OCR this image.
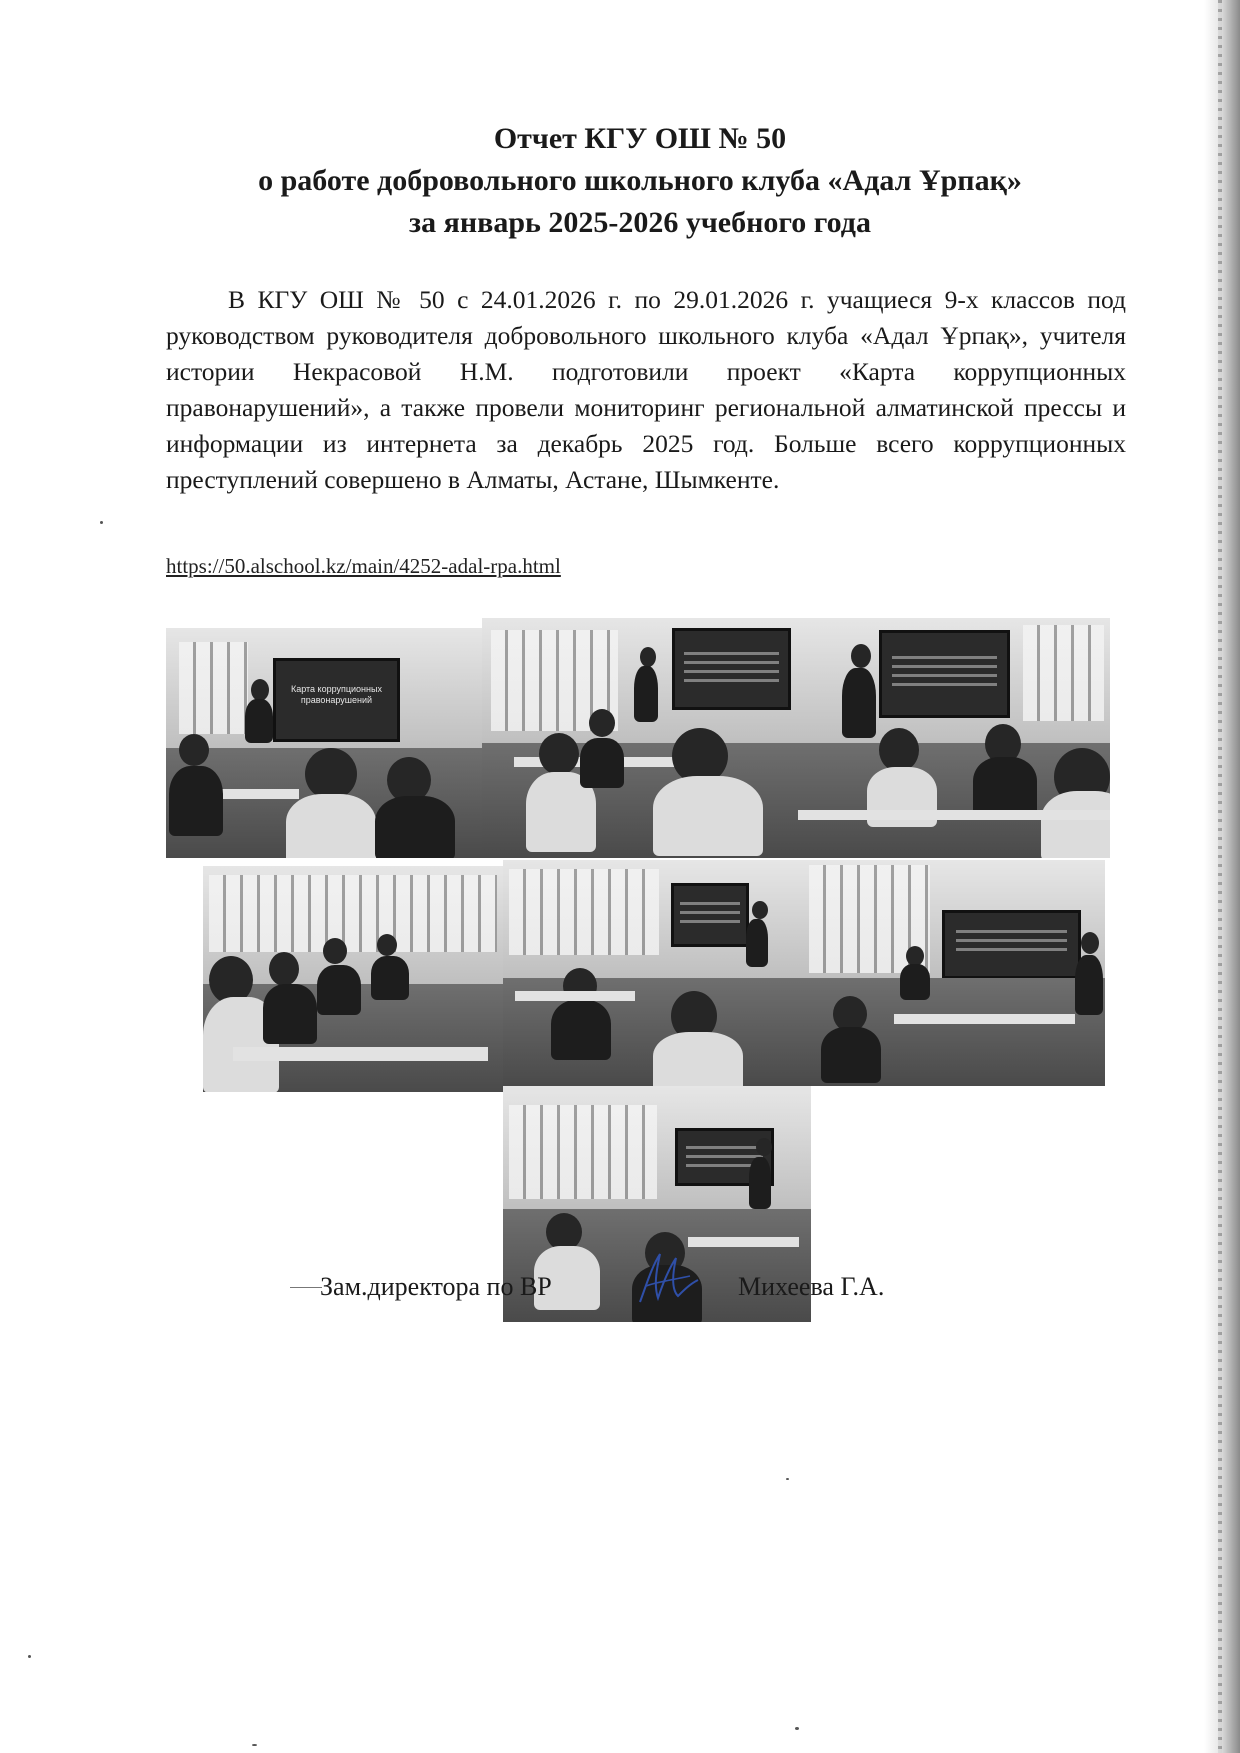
Отчет КГУ ОШ № 50
о работе добровольного школьного клуба «Адал Ұрпақ»
за январь 2025-2026 учебного года

В КГУ ОШ № 50 с 24.01.2026 г. по 29.01.2026 г. учащиеся 9-х классов под руководством руководителя добровольного школьного клуба «Адал Ұрпақ», учителя истории Некрасовой Н.М. подготовили проект «Карта коррупционных правонарушений», а также провели мониторинг региональной алматинской прессы и информации из интернета за декабрь 2025 год. Больше всего коррупционных преступлений совершено в Алматы, Астане, Шымкенте.

https://50.alschool.kz/main/4252-adal-rpa.html
Карта коррупционных правонарушений
Зам.директора по ВР	Михеева Г.А.
